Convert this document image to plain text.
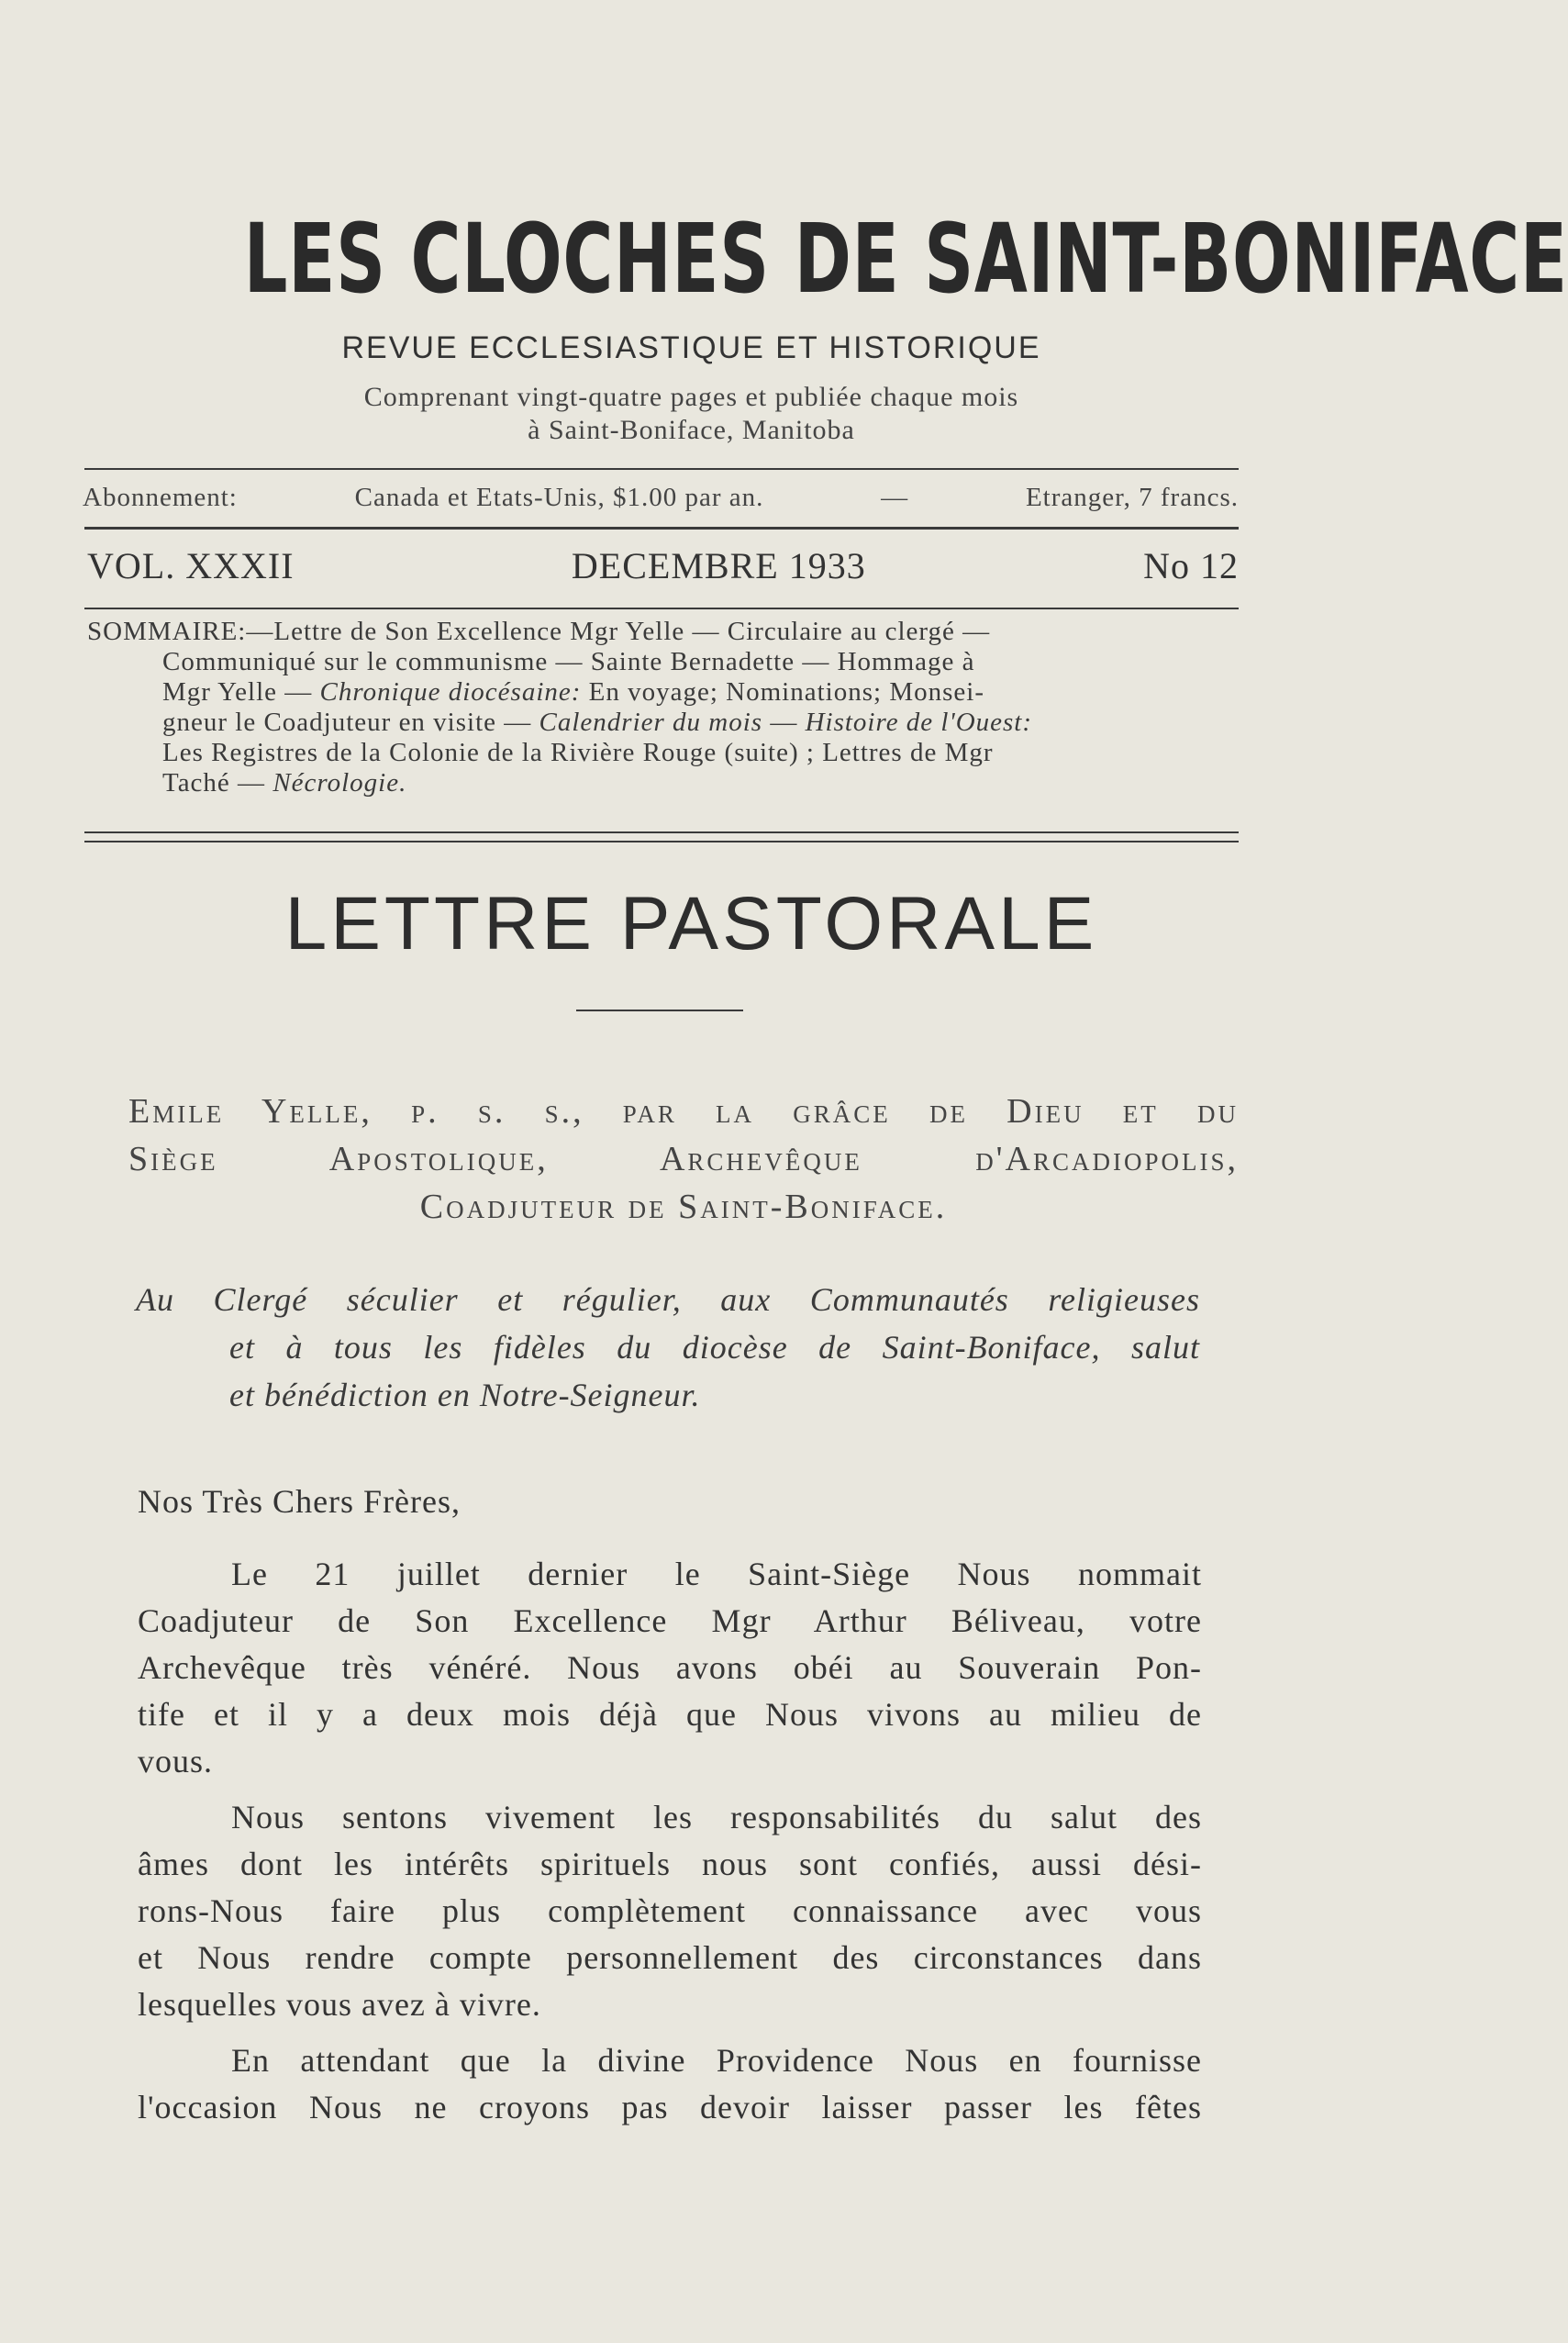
LES CLOCHES DE SAINT-BONIFACE
REVUE ECCLESIASTIQUE ET HISTORIQUE
Comprenant vingt-quatre pages et publiée chaque mois
à Saint-Boniface, Manitoba
Abonnement:	Canada et Etats-Unis, $1.00 par an.	—	Etranger, 7 francs.
VOL. XXXII	DECEMBRE 1933	No 12
SOMMAIRE:—Lettre de Son Excellence Mgr Yelle — Circulaire au clergé —
Communiqué sur le communisme — Sainte Bernadette — Hommage à
Mgr Yelle — Chronique diocésaine: En voyage; Nominations; Monsei-
gneur le Coadjuteur en visite — Calendrier du mois — Histoire de l'Ouest:
Les Registres de la Colonie de la Rivière Rouge (suite) ; Lettres de Mgr
Taché — Nécrologie.
LETTRE PASTORALE
Emile Yelle, p. s. s., par la grâce de Dieu et du
Siège Apostolique, Archevêque d'Arcadiopolis,
Coadjuteur de Saint-Boniface.
Au Clergé séculier et régulier, aux Communautés religieuses
et à tous les fidèles du diocèse de Saint-Boniface, salut
et bénédiction en Notre-Seigneur.
Nos Très Chers Frères,
Le 21 juillet dernier le Saint-Siège Nous nommait
Coadjuteur de Son Excellence Mgr Arthur Béliveau, votre
Archevêque très vénéré. Nous avons obéi au Souverain Pon-
tife et il y a deux mois déjà que Nous vivons au milieu de
vous.
Nous sentons vivement les responsabilités du salut des
âmes dont les intérêts spirituels nous sont confiés, aussi dési-
rons-Nous faire plus complètement connaissance avec vous
et Nous rendre compte personnellement des circonstances dans
lesquelles vous avez à vivre.
En attendant que la divine Providence Nous en fournisse
l'occasion Nous ne croyons pas devoir laisser passer les fêtes
